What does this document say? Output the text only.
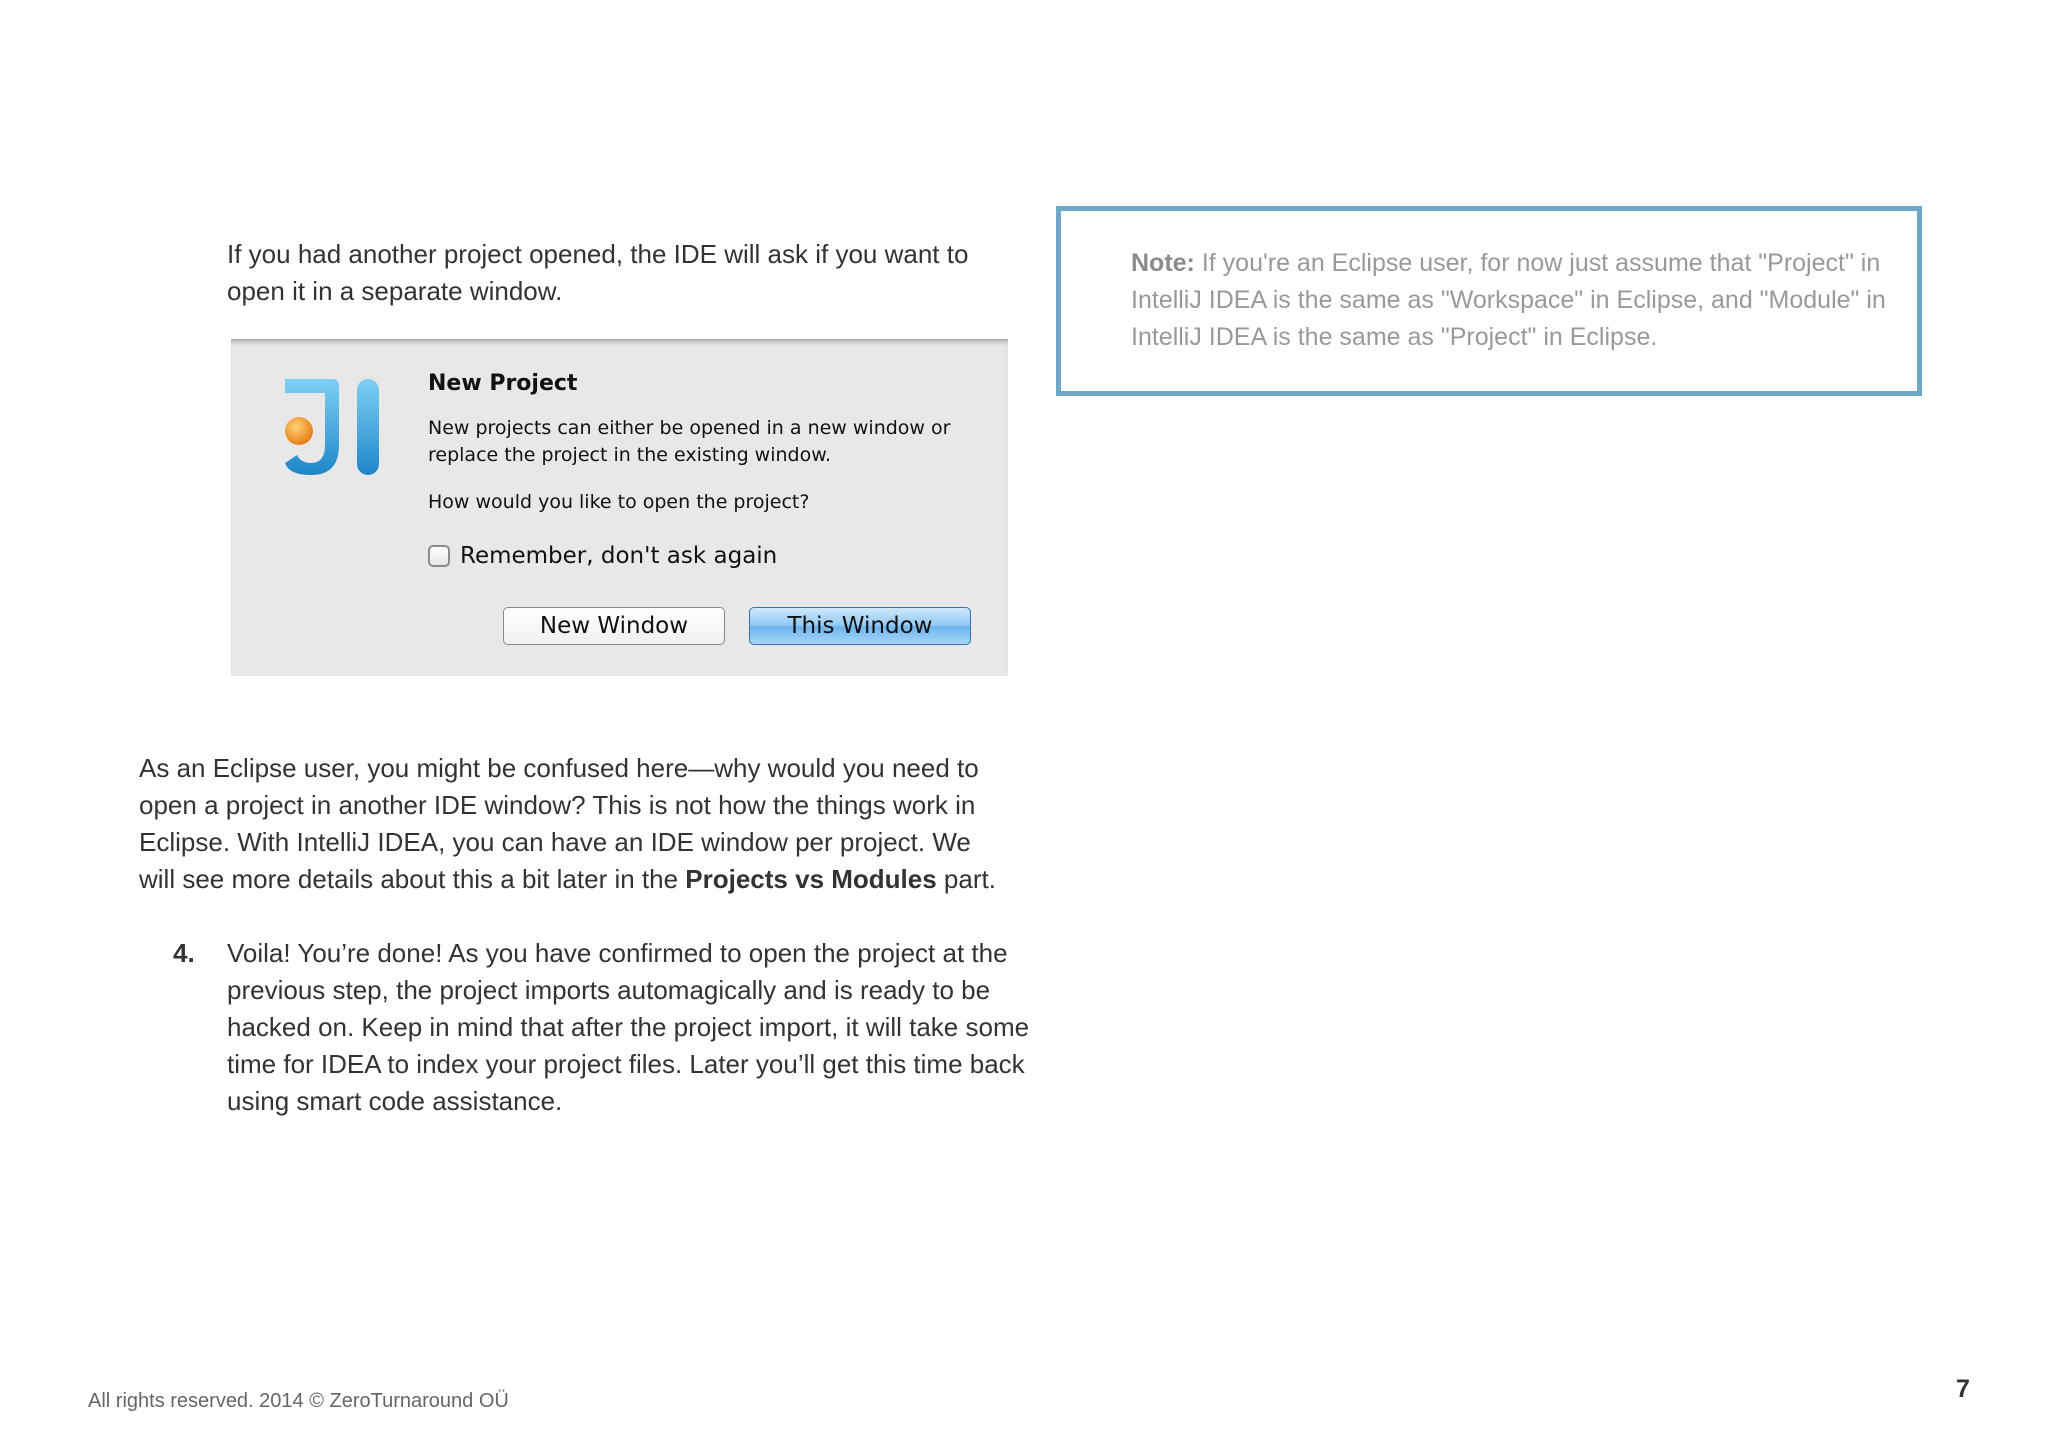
If you had another project opened, the IDE will ask if you want to open it in a separate window.

New Project
New projects can either be opened in a new window or replace the project in the existing window.
How would you like to open the project?
Remember, don't ask again
New Window	This Window
Note: If you're an Eclipse user, for now just assume that "Project" in IntelliJ IDEA is the same as "Workspace" in Eclipse, and "Module" in IntelliJ IDEA is the same as "Project" in Eclipse.

As an Eclipse user, you might be confused here—why would you need to open a project in another IDE window? This is not how the things work in Eclipse. With IntelliJ IDEA, you can have an IDE window per project. We will see more details about this a bit later in the Projects vs Modules part.

4.	Voila! You’re done! As you have confirmed to open the project at the previous step, the project imports automagically and is ready to be hacked on. Keep in mind that after the project import, it will take some time for IDEA to index your project files. Later you’ll get this time back using smart code assistance.
All rights reserved. 2014 © ZeroTurnaround OÜ	7
